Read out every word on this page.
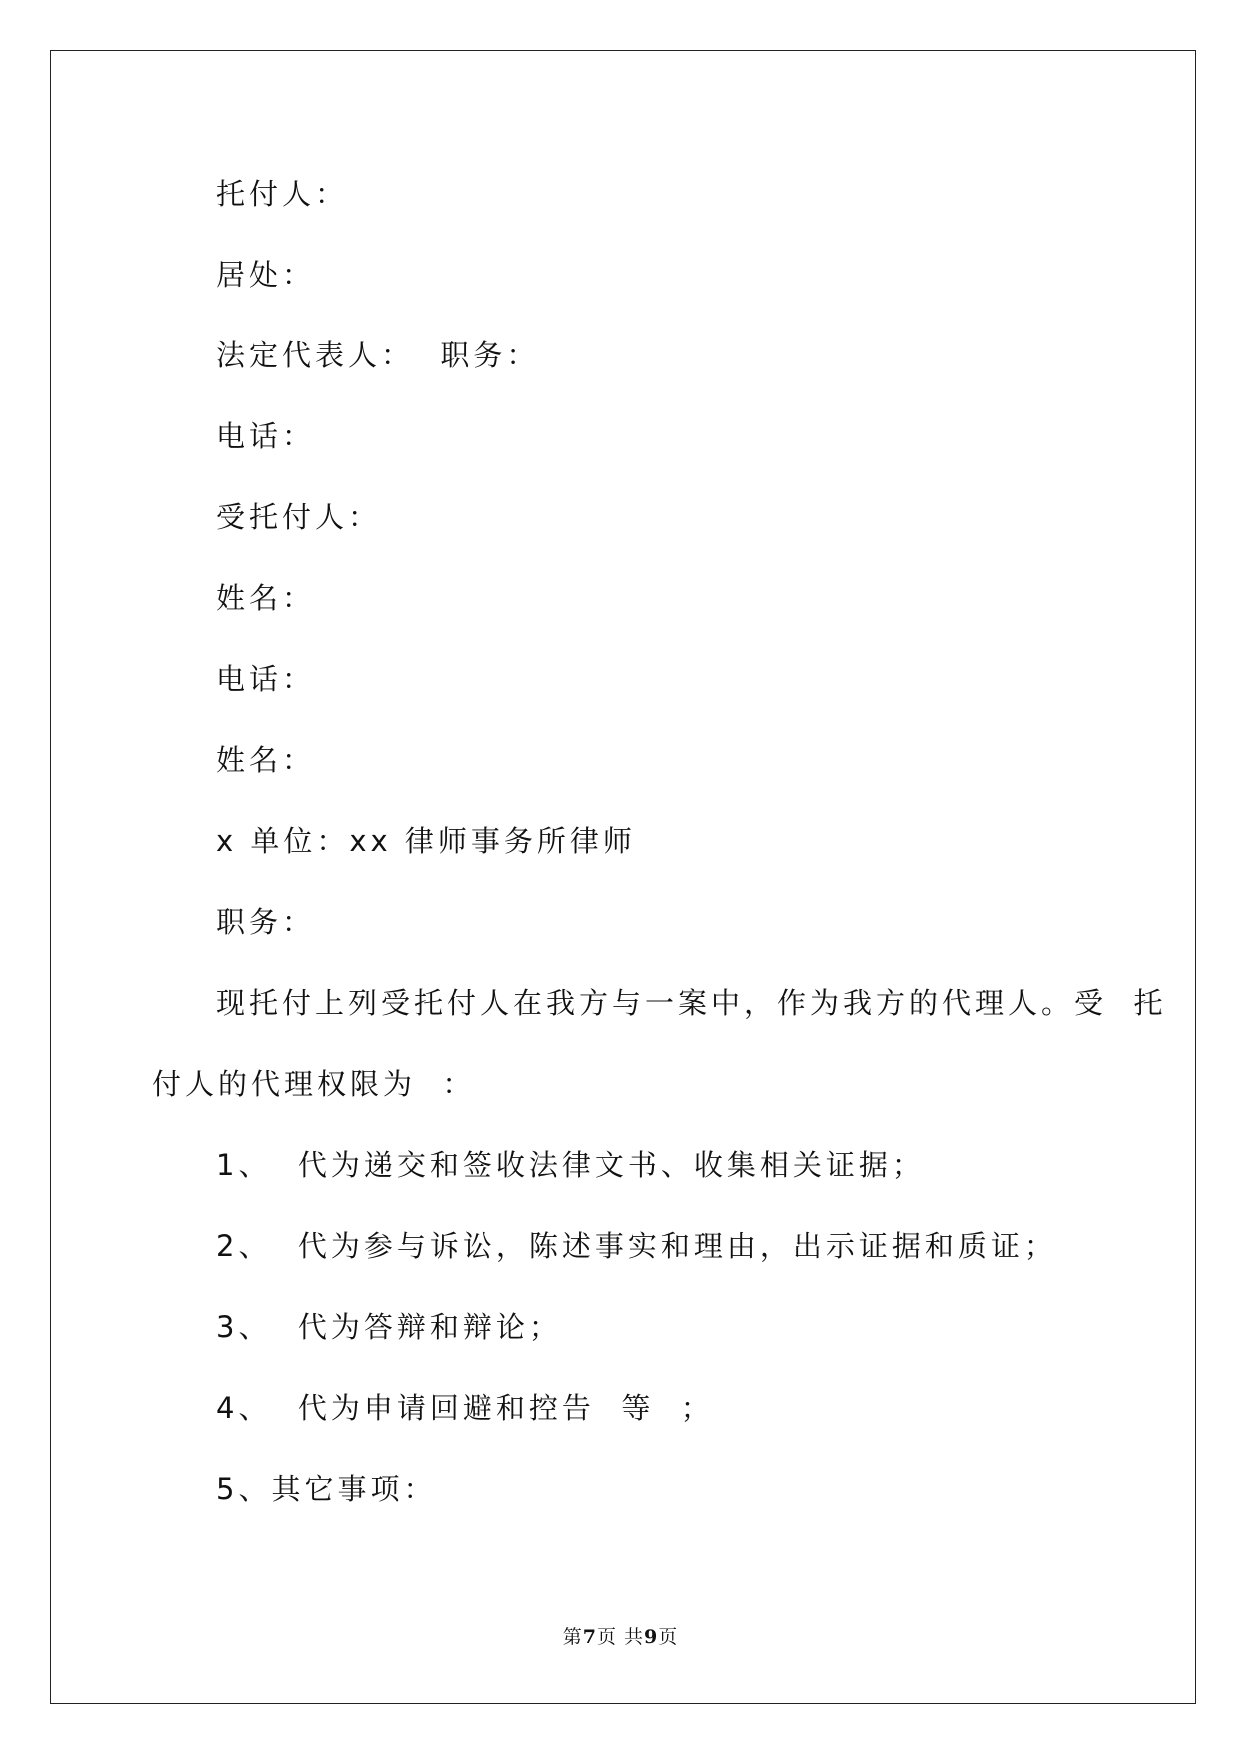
托付人：

居处：

法定代表人：  职务：

电话：

受托付人：

姓名：

电话：

姓名：

x 单位：xx 律师事务所律师

职务：

现托付上列受托付人在我方与一案中，作为我方的代理人。受  托

付人的代理权限为  ：

1、  代为递交和签收法律文书、收集相关证据；

2、  代为参与诉讼，陈述事实和理由，出示证据和质证；

3、  代为答辩和辩论；

4、  代为申请回避和控告  等  ；

5、其它事项：

第7页 共9页
